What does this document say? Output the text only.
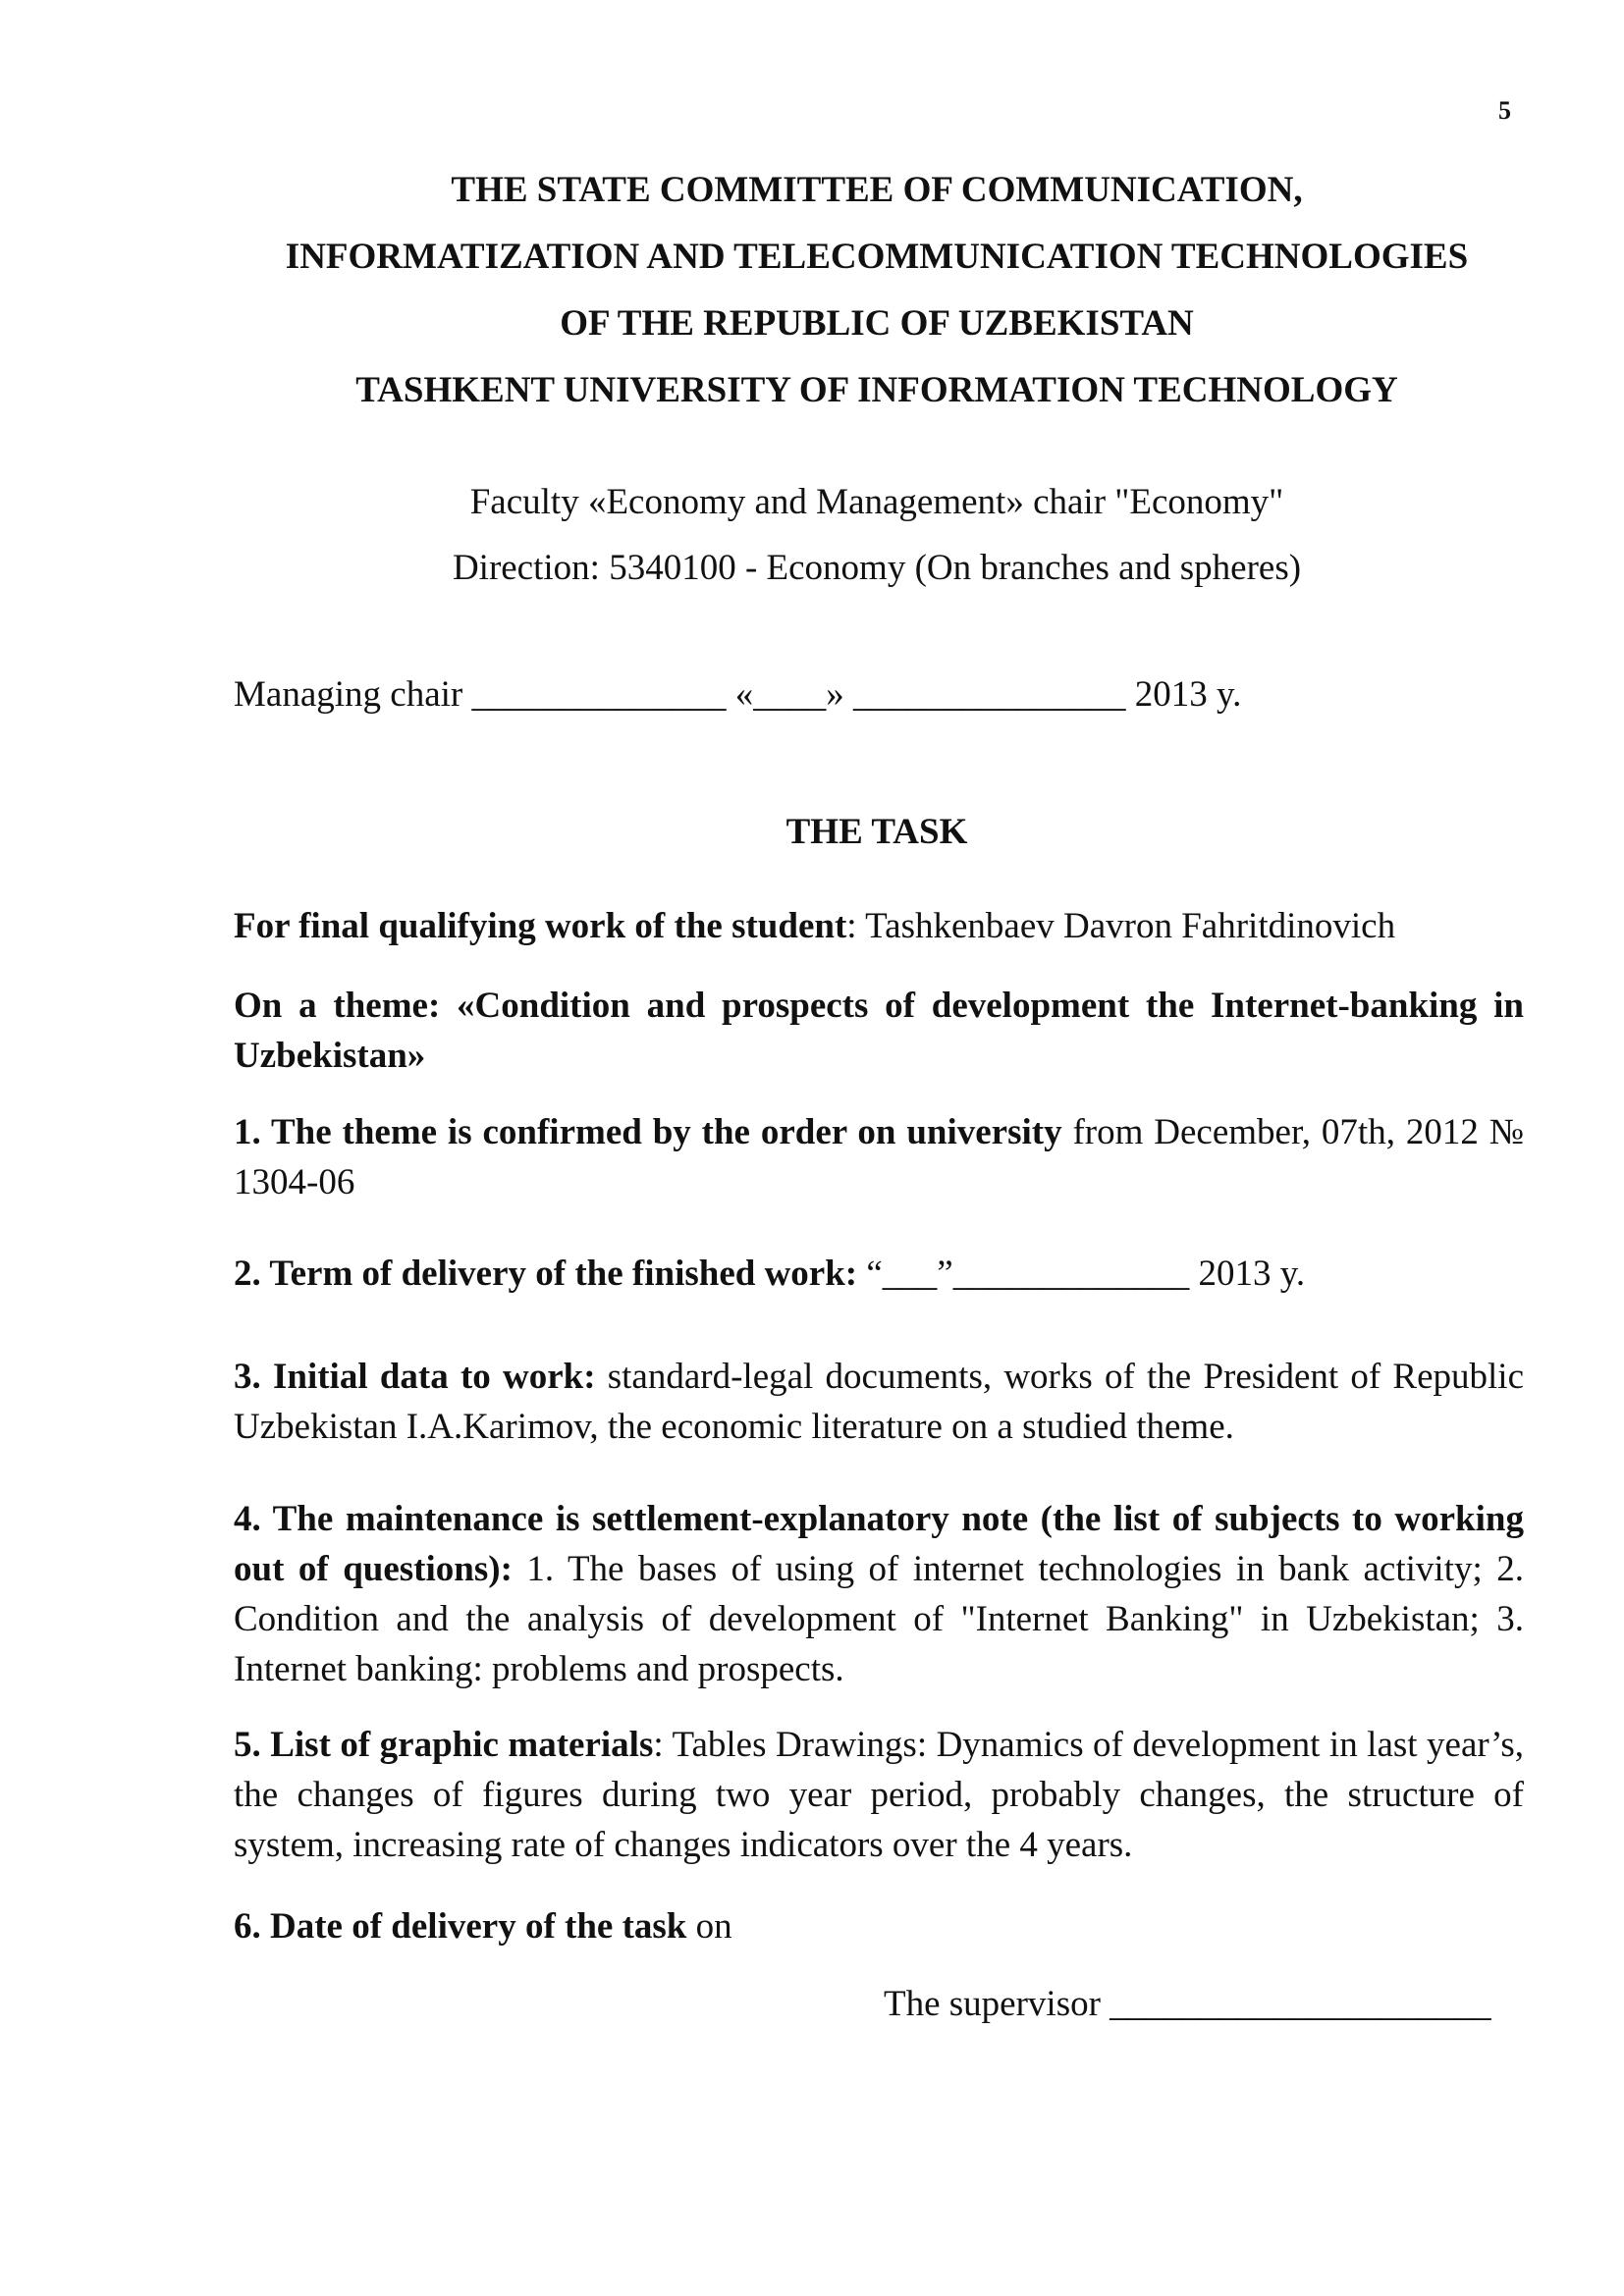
5
THE STATE COMMITTEE OF COMMUNICATION,
INFORMATIZATION AND TELECOMMUNICATION TECHNOLOGIES
OF THE REPUBLIC OF UZBEKISTAN
TASHKENT UNIVERSITY OF INFORMATION TECHNOLOGY
Faculty «Economy and Management» chair "Economy"
Direction: 5340100 - Economy (On branches and spheres)
Managing chair ______________ «____» _______________ 2013 y.
THE TASK
For final qualifying work of the student: Tashkenbaev Davron Fahritdinovich
On a theme: «Condition and prospects of development the Internet-banking in Uzbekistan»
1. The theme is confirmed by the order on university from December, 07th, 2012 № 1304-06
2. Term of delivery of the finished work: “___”_____________ 2013 y.
3. Initial data to work: standard-legal documents, works of the President of Republic Uzbekistan I.A.Karimov, the economic literature on a studied theme.
4. The maintenance is settlement-explanatory note (the list of subjects to working out of questions): 1. The bases of using of internet technologies in bank activity; 2. Condition and the analysis of development of "Internet Banking" in Uzbekistan; 3. Internet banking: problems and prospects.
5. List of graphic materials: Tables Drawings: Dynamics of development in last year’s, the changes of figures during two year period, probably changes, the structure of system, increasing rate of changes indicators over the 4 years.
6. Date of delivery of the task on
The supervisor _____________________
